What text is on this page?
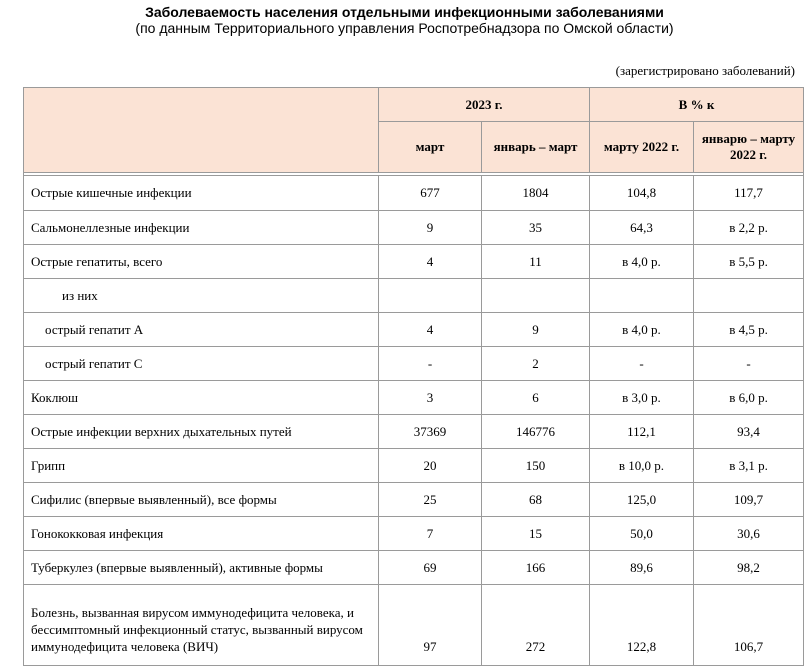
Заболеваемость населения отдельными инфекционными заболеваниями
(по данным Территориального управления Роспотребнадзора по Омской области)
(зарегистрировано заболеваний)
	2023 г.		В % к	
	март	январь – март	марту 2022 г.	январю – марту 2022 г.

Острые кишечные инфекции	677	1804	104,8	117,7
Сальмонеллезные инфекции	9	35	64,3	в 2,2 р.
Острые гепатиты, всего	4	11	в 4,0 р.	в 5,5 р.
из них				
острый гепатит А	4	9	в 4,0 р.	в 4,5 р.
острый гепатит С	-	2	-	-
Коклюш	3	6	в 3,0 р.	в 6,0 р.
Острые инфекции верхних дыхательных путей	37369	146776	112,1	93,4
Грипп	20	150	в 10,0 р.	в 3,1 р.
Сифилис (впервые выявленный), все формы	25	68	125,0	109,7
Гонококковая инфекция	7	15	50,0	30,6
Туберкулез (впервые выявленный), активные формы	69	166	89,6	98,2
Болезнь, вызванная вирусом иммунодефицита человека, и бессимптомный инфекционный статус, вызванный вирусом иммунодефицита человека (ВИЧ)	97	272	122,8	106,7
